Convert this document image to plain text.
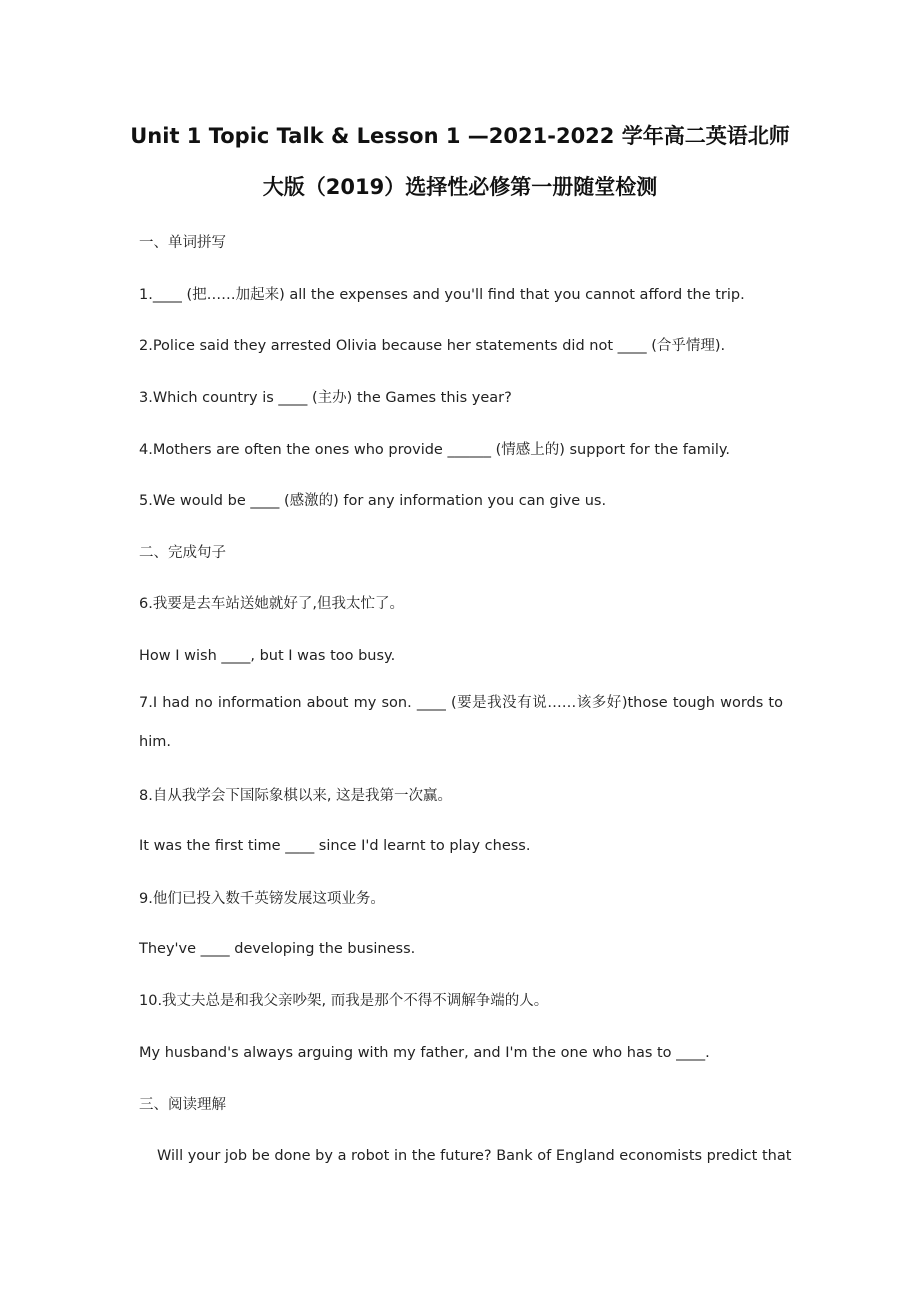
Unit 1 Topic Talk & Lesson 1 —2021-2022 学年高二英语北师
大版（2019）选择性必修第一册随堂检测
一、单词拼写
1.____ (把……加起来) all the expenses and you'll find that you cannot afford the trip.
2.Police said they arrested Olivia because her statements did not ____ (合乎情理).
3.Which country is ____ (主办) the Games this year?
4.Mothers are often the ones who provide ______ (情感上的) support for the family.
5.We would be ____ (感激的) for any information you can give us.
二、完成句子
6.我要是去车站送她就好了,但我太忙了。
How I wish ____, but I was too busy.
7.I had no information about my son. ____ (要是我没有说……该多好)those tough words to him.
8.自从我学会下国际象棋以来, 这是我第一次赢。
It was the first time ____ since I'd learnt to play chess.
9.他们已投入数千英镑发展这项业务。
They've ____ developing the business.
10.我丈夫总是和我父亲吵架, 而我是那个不得不调解争端的人。
My husband's always arguing with my father, and I'm the one who has to ____.
三、阅读理解
Will your job be done by a robot in the future? Bank of England economists predict that
